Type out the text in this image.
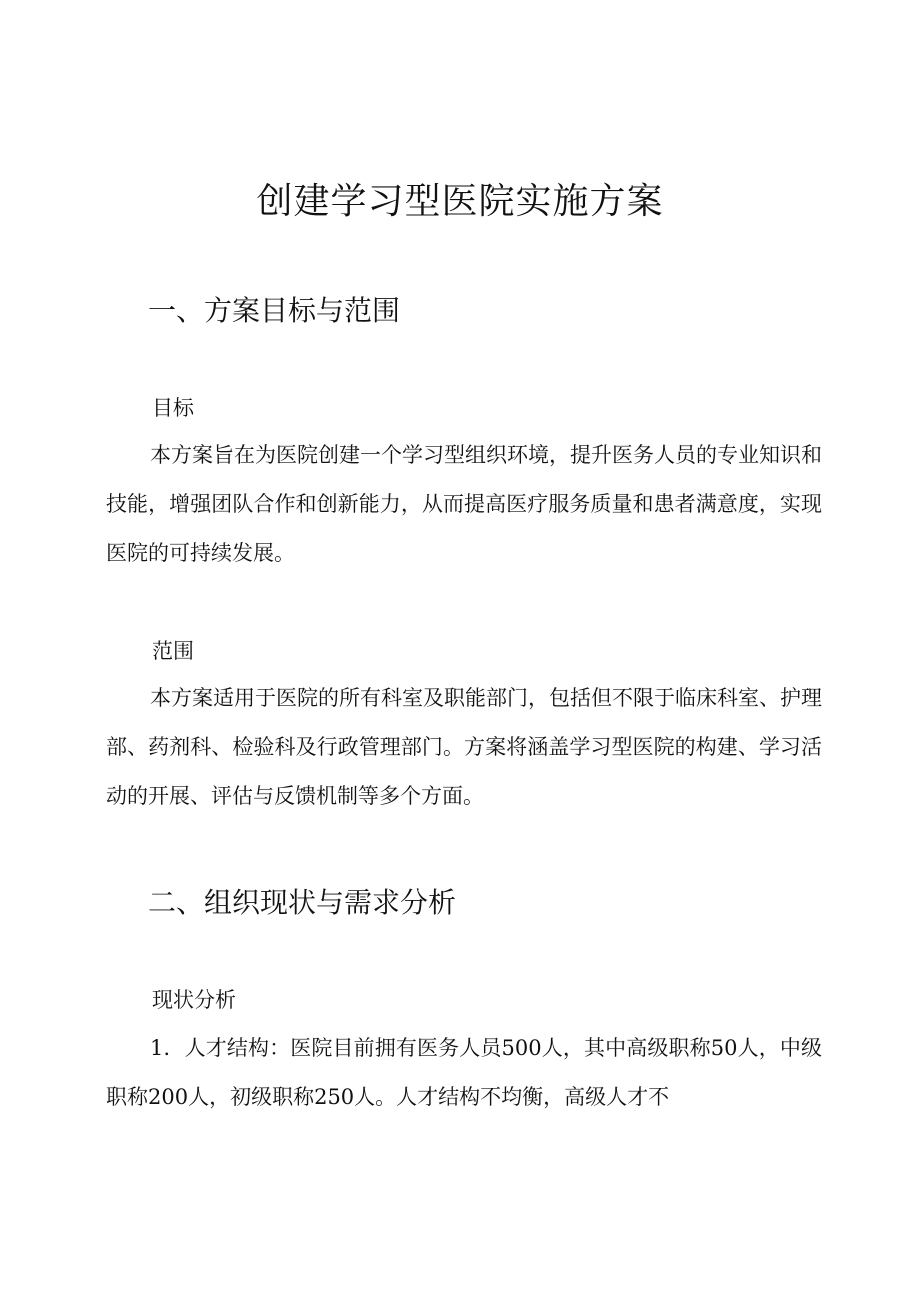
创建学习型医院实施方案
一、方案目标与范围
目标

本方案旨在为医院创建一个学习型组织环境，提升医务人员的专业知识和技能，增强团队合作和创新能力，从而提高医疗服务质量和患者满意度，实现医院的可持续发展。

范围

本方案适用于医院的所有科室及职能部门，包括但不限于临床科室、护理部、药剂科、检验科及行政管理部门。方案将涵盖学习型医院的构建、学习活动的开展、评估与反馈机制等多个方面。

二、组织现状与需求分析
现状分析

1．人才结构：医院目前拥有医务人员500人，其中高级职称50人，中级职称200人，初级职称250人。人才结构不均衡，高级人才不
